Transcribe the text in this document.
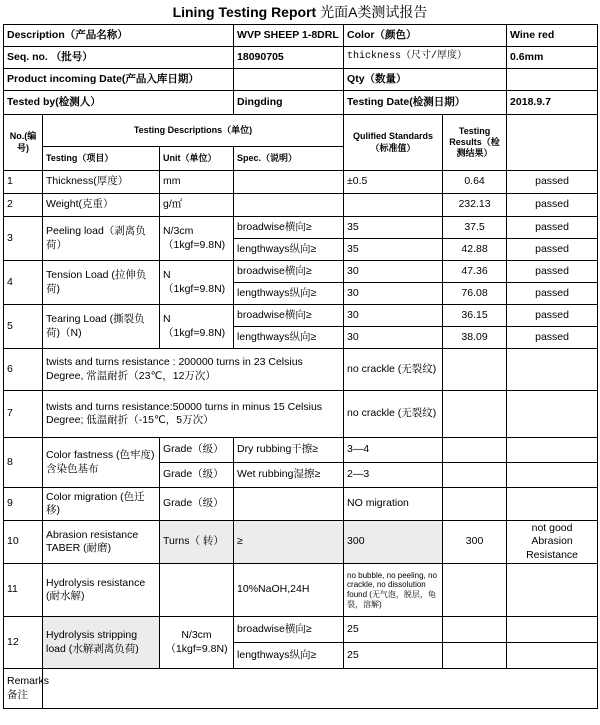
Lining Testing Report 光面A类测试报告
Description（产品名称）			WVP SHEEP 1-8DRL	Color（颜色）		Wine red
Seq. no. （批号）			18090705	thickness（尺寸/厚度）		0.6mm
Product incoming Date(产品入库日期）				Qty（数量）		
Tested by(检测人）			Dingding	Testing Date(检测日期）		2018.9.7
No.(编号)	Testing Descriptions（单位)			Qulified Standards（标准值）	Testing Results（检测结果）	
	Testing（项目）	Unit（单位）	Spec.（说明）			
1	Thickness(厚度）	mm		±0.5	0.64	passed
2	Weight(克重）	g/㎡			232.13	passed
3	Peeling load（剥离负荷）	N/3cm（1kgf=9.8N)	broadwise横向≥	35	37.5	passed
			lengthways纵向≥	35	42.88	passed
4	Tension Load (拉伸负荷)	N（1kgf=9.8N)	broadwise横向≥	30	47.36	passed
			lengthways纵向≥	30	76.08	passed
5	Tearing Load (撕裂负荷)（N)	N（1kgf=9.8N)	broadwise横向≥	30	36.15	passed
			lengthways纵向≥	30	38.09	passed
6	twists and turns resistance : 200000 turns in 23 Celsius Degree, 常温耐折（23℃，12万次）			no crackle (无裂纹)		
7	twists and turns resistance:50000 turns in minus 15 Celsius Degree; 低温耐折（-15℃，5万次）			no crackle (无裂纹)		
8	Color fastness (色牢度) 含染色基布	Grade（级）	Dry rubbing干擦≥	3—4		
		Grade（级）	Wet rubbing湿擦≥	2—3		
9	Color migration (色迁移)	Grade（级）		NO migration		
10	Abrasion resistance TABER (耐磨)	Turns（ 转）	≥	300	300	not good Abrasion Resistance
11	Hydrolysis resistance (耐水解)		10%NaOH,24H	no bubble, no peeling, no crackle, no dissolution found (无气泡，脱层，龟裂，溶解)		
12	Hydrolysis stripping load (水解剥离负荷)	N/3cm（1kgf=9.8N)	broadwise横向≥	25		
			lengthways纵向≥	25		
Remarks 备注						
